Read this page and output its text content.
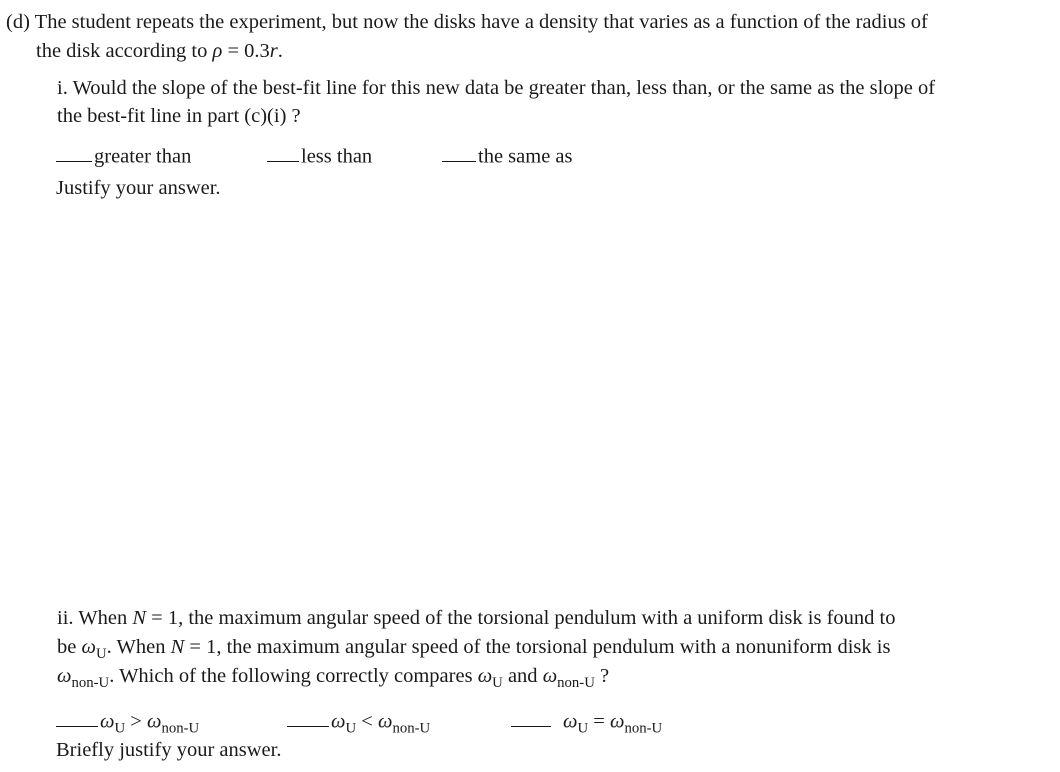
(d) The student repeats the experiment, but now the disks have a density that varies as a function of the radius of
the disk according to ρ = 0.3r.
i. Would the slope of the best-fit line for this new data be greater than, less than, or the same as the slope of
the best-fit line in part (c)(i) ?
greater than	less than	the same as
Justify your answer.
ii. When N = 1, the maximum angular speed of the torsional pendulum with a uniform disk is found to
be $\omega_U$. When N = 1, the maximum angular speed of the torsional pendulum with a nonuniform disk is
$\omega_{non-U}$. Which of the following correctly compares $\omega_U$ and $\omega_{non-U}$ ?
$\omega_U > \omega_{non-U}$	$\omega_U < \omega_{non-U}$	$\omega_U = \omega_{non-U}$
Briefly justify your answer.
